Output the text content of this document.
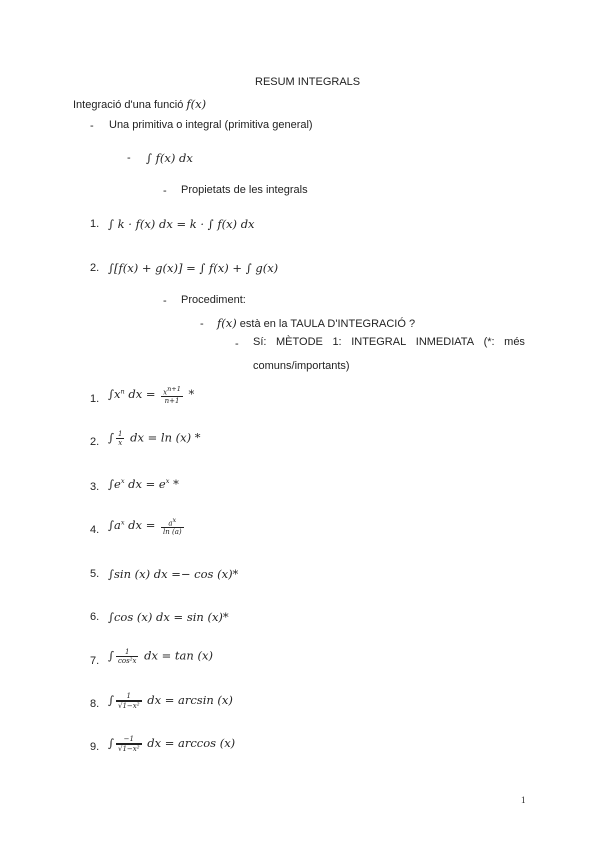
RESUM INTEGRALS
Integració d'una funció f(x)
- Una primitiva o integral (primitiva general)
- ∫ f(x) dx
- Propietats de les integrals
1. ∫ k · f(x) dx = k · ∫ f(x) dx
2. ∫[f(x) + g(x)] = ∫ f(x) + ∫ g(x)
- Procediment:
- f(x) està en la TAULA D'INTEGRACIÓ ?
- Sí: MÈTODE 1: INTEGRAL INMEDIATA (*: més
comuns/importants)
1. $\int x^n$ dx = $\frac{x^{n+1}}{n+1}$ *
2. ∫ $\frac{1}{x}$ dx = ln (x) *
3. $\int e^x$ dx = $e^x$ *
4. $\int a^x$ dx = $\frac{a^x}{\ln (a)}$
5. ∫sin (x) dx =− cos (x)*
6. ∫cos (x) dx = sin (x)*
7. ∫ $\frac{1}{\text{cos²x}}$ dx = tan (x)
8. ∫ $\frac{1}{\text{√1−x²}}$ dx = arcsin (x)
9. ∫ $\frac{-1}{\text{√1−x²}}$ dx = arccos (x)
1
